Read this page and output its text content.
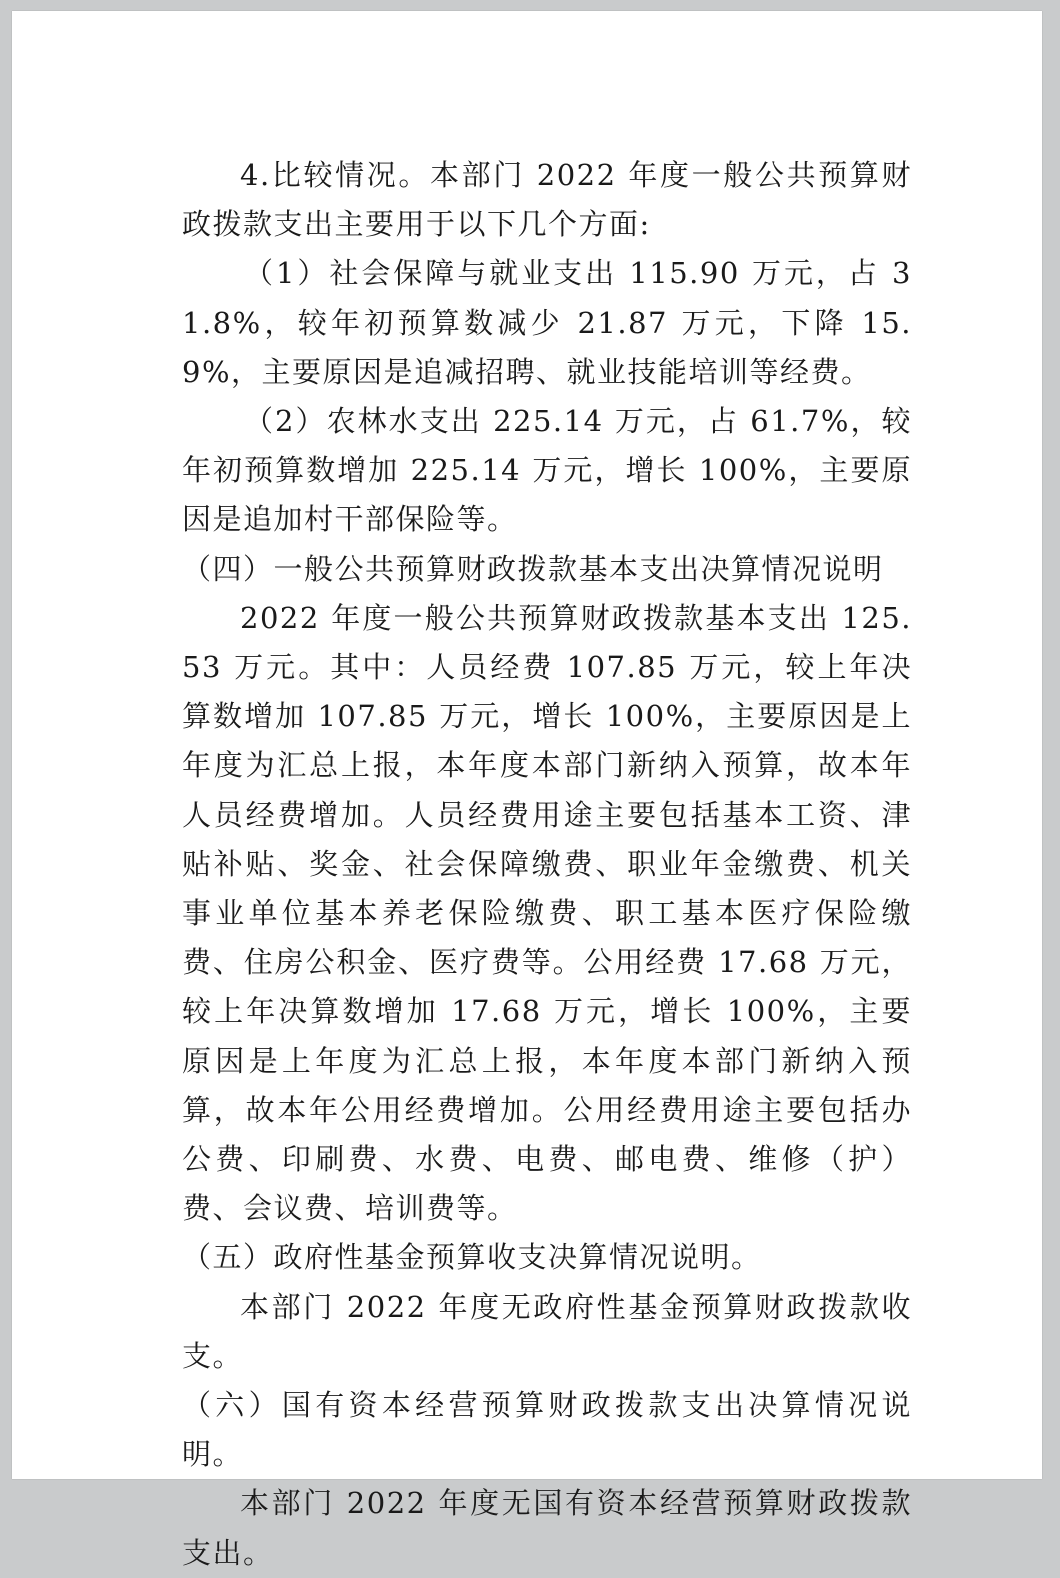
4.比较情况。本部门 2022 年度一般公共预算财政拨款支出主要用于以下几个方面:

（1）社会保障与就业支出 115.90 万元，占 31.8%，较年初预算数减少 21.87 万元，下降 15.9%，主要原因是追减招聘、就业技能培训等经费。

（2）农林水支出 225.14 万元，占 61.7%，较年初预算数增加 225.14 万元，增长 100%，主要原因是追加村干部保险等。

（四）一般公共预算财政拨款基本支出决算情况说明

2022 年度一般公共预算财政拨款基本支出 125.53 万元。其中：人员经费 107.85 万元，较上年决算数增加 107.85 万元，增长 100%，主要原因是上年度为汇总上报，本年度本部门新纳入预算，故本年人员经费增加。人员经费用途主要包括基本工资、津贴补贴、奖金、社会保障缴费、职业年金缴费、机关事业单位基本养老保险缴费、职工基本医疗保险缴费、住房公积金、医疗费等。公用经费 17.68 万元，较上年决算数增加 17.68 万元，增长 100%，主要原因是上年度为汇总上报，本年度本部门新纳入预算，故本年公用经费增加。公用经费用途主要包括办公费、印刷费、水费、电费、邮电费、维修（护）费、会议费、培训费等。

（五）政府性基金预算收支决算情况说明。

本部门 2022 年度无政府性基金预算财政拨款收支。

（六）国有资本经营预算财政拨款支出决算情况说明。

本部门 2022 年度无国有资本经营预算财政拨款支出。
